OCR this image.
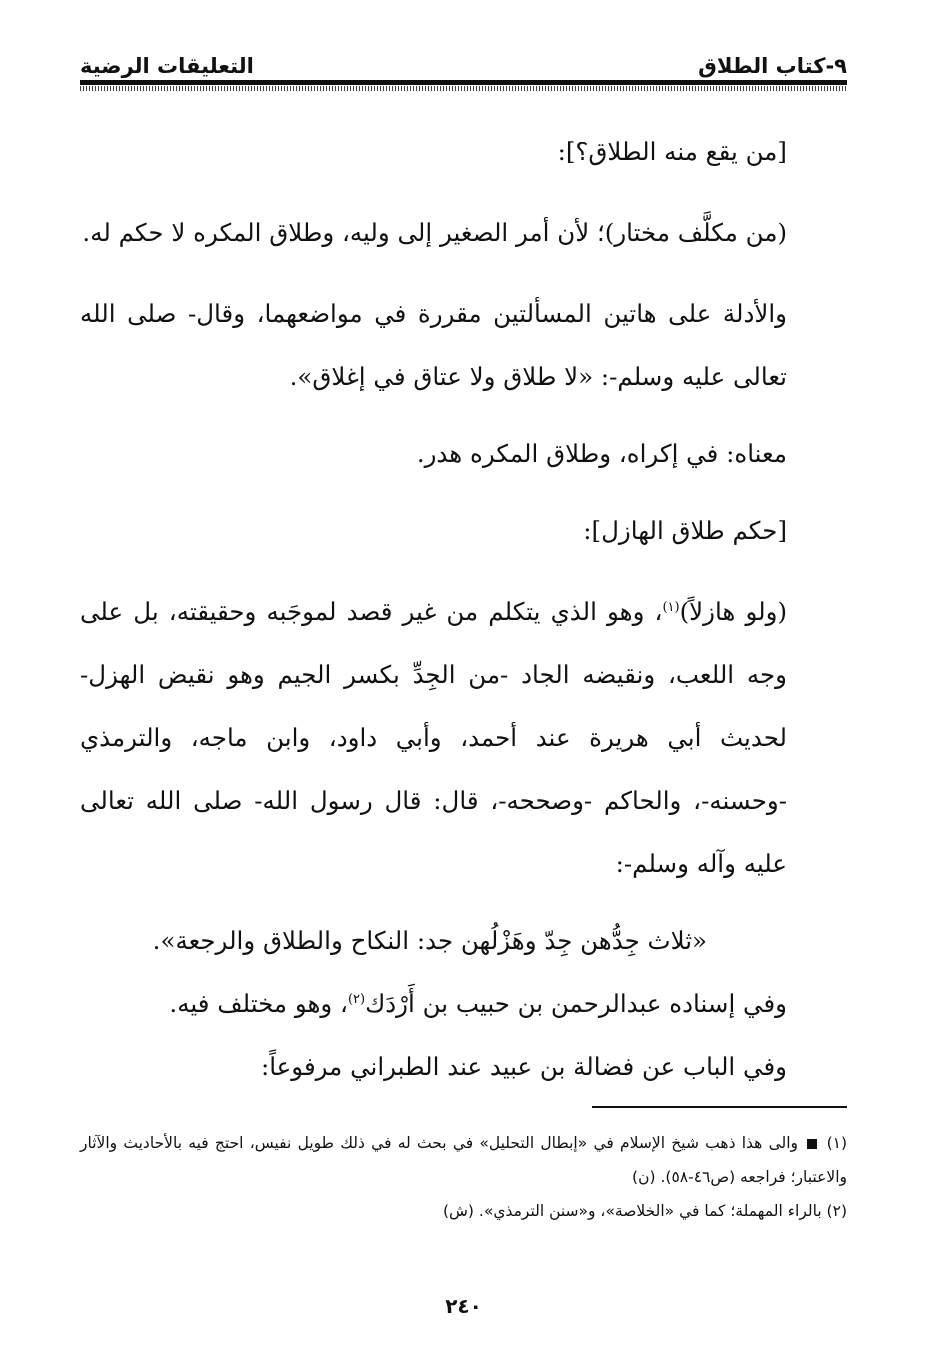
٩-كتاب الطلاق
التعليقات الرضية

[من يقع منه الطلاق؟]:

(من مكلَّف مختار)؛ لأن أمر الصغير إلى وليه، وطلاق المكره لا حكم له.

والأدلة على هاتين المسألتين مقررة في مواضعهما، وقال- صلى الله تعالى عليه وسلم-: «لا طلاق ولا عتاق في إغلاق».

معناه: في إكراه، وطلاق المكره هدر.

[حكم طلاق الهازل]:

(ولو هازلاً)$^{(١)}$، وهو الذي يتكلم من غير قصد لموجَبه وحقيقته، بل على وجه اللعب، ونقيضه الجاد -من الجِدِّ بكسر الجيم وهو نقيض الهزل- لحديث أبي هريرة عند أحمد، وأبي داود، وابن ماجه، والترمذي -وحسنه-، والحاكم -وصححه-، قال: قال رسول الله- صلى الله تعالى عليه وآله وسلم-:

«ثلاث جِدُّهن جِدّ وهَزْلُهن جد: النكاح والطلاق والرجعة».

وفي إسناده عبدالرحمن بن حبيب بن أَرْدَك$^{(٢)}$، وهو مختلف فيه.

وفي الباب عن فضالة بن عبيد عند الطبراني مرفوعاً:

(١)  والى هذا ذهب شيخ الإسلام في «إبطال التحليل» في بحث له في ذلك طويل نفيس، احتج فيه بالأحاديث والآثار والاعتبار؛ فراجعه (ص٤٦-٥٨). (ن)

(٢) بالراء المهملة؛ كما في «الخلاصة»، و«سنن الترمذي». (ش)

٢٤٠
